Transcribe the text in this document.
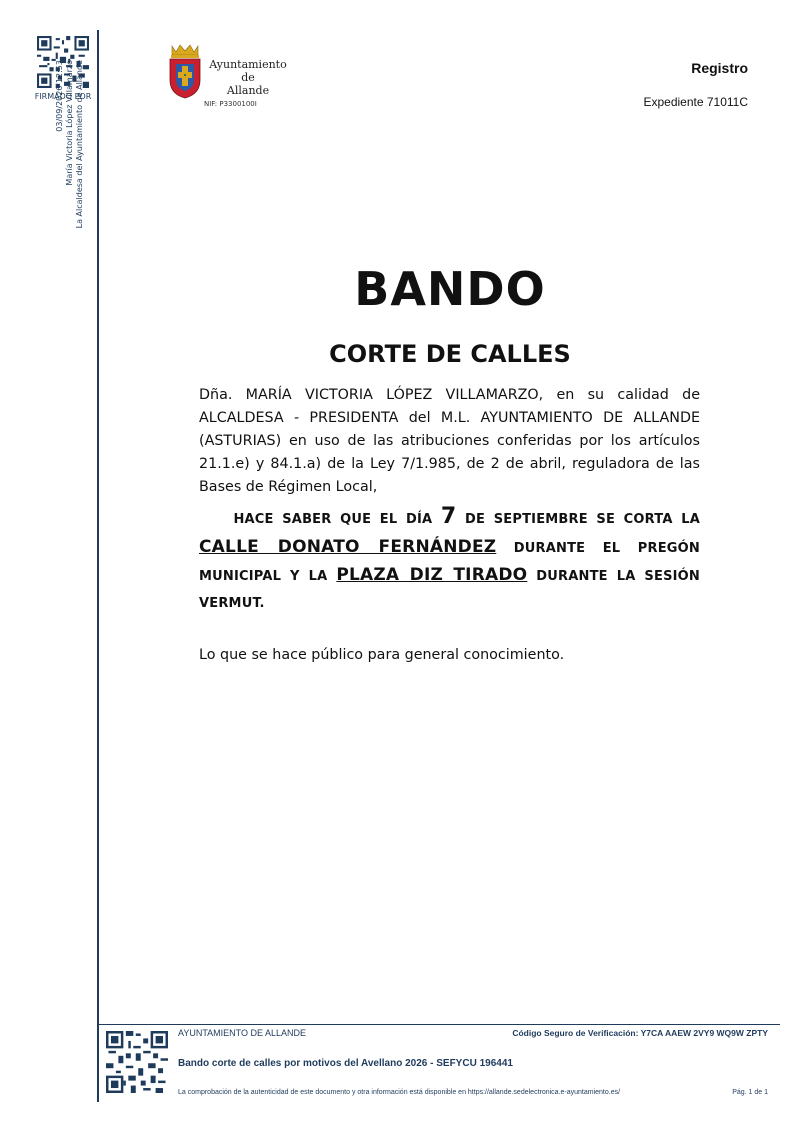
FIRMADO POR
03/09/2026 12:53 María Victoria López Villamarzo La Alcaldesa del Ayuntamiento de Allande	Ayuntamiento de
Allande
NIF: P3300100I
Registro
Expediente 71011C
BANDO
CORTE DE CALLES
Dña. MARÍA VICTORIA LÓPEZ VILLAMARZO, en su calidad de ALCALDESA - PRESIDENTA del M.L. AYUNTAMIENTO DE ALLANDE (ASTURIAS) en uso de las atribuciones conferidas por los artículos 21.1.e) y 84.1.a) de la Ley 7/1.985, de 2 de abril, reguladora de las Bases de Régimen Local,
HACE SABER QUE EL DÍA 7 DE SEPTIEMBRE SE CORTA LA CALLE DONATO FERNÁNDEZ DURANTE EL PREGÓN MUNICIPAL Y LA PLAZA DIZ TIRADO DURANTE LA SESIÓN VERMUT.
Lo que se hace público para general conocimiento.
AYUNTAMIENTO DE ALLANDE	Código Seguro de Verificación: Y7CA AAEW 2VY9 WQ9W ZPTY
Bando corte de calles por motivos del Avellano 2026 - SEFYCU 196441
La comprobación de la autenticidad de este documento y otra información está disponible en https://allande.sedelectronica.e-ayuntamiento.es/	Pág. 1 de 1
